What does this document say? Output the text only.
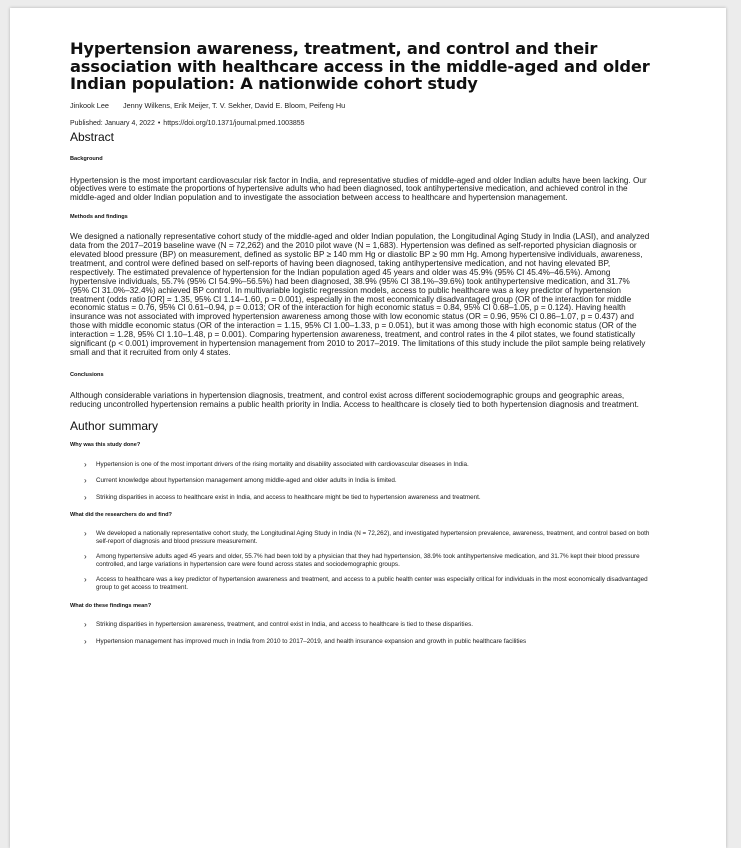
Hypertension awareness, treatment, and control and their association with healthcare access in the middle-aged and older Indian population: A nationwide cohort study
Jinkook Lee Jenny Wilkens, Erik Meijer, T. V. Sekher, David E. Bloom, Peifeng Hu
Published: January 4, 2022 • https://doi.org/10.1371/journal.pmed.1003855
Abstract
Background

Hypertension is the most important cardiovascular risk factor in India, and representative studies of middle-aged and older Indian adults have been lacking. Our objectives were to estimate the proportions of hypertensive adults who had been diagnosed, took antihypertensive medication, and achieved control in the middle-aged and older Indian population and to investigate the association between access to healthcare and hypertension management.

Methods and findings

We designed a nationally representative cohort study of the middle-aged and older Indian population, the Longitudinal Aging Study in India (LASI), and analyzed data from the 2017–2019 baseline wave (N = 72,262) and the 2010 pilot wave (N = 1,683). Hypertension was defined as self-reported physician diagnosis or elevated blood pressure (BP) on measurement, defined as systolic BP ≥ 140 mm Hg or diastolic BP ≥ 90 mm Hg. Among hypertensive individuals, awareness, treatment, and control were defined based on self-reports of having been diagnosed, taking antihypertensive medication, and not having elevated BP, respectively. The estimated prevalence of hypertension for the Indian population aged 45 years and older was 45.9% (95% CI 45.4%–46.5%). Among hypertensive individuals, 55.7% (95% CI 54.9%–56.5%) had been diagnosed, 38.9% (95% CI 38.1%–39.6%) took antihypertensive medication, and 31.7% (95% CI 31.0%–32.4%) achieved BP control. In multivariable logistic regression models, access to public healthcare was a key predictor of hypertension treatment (odds ratio [OR] = 1.35, 95% CI 1.14–1.60, p = 0.001), especially in the most economically disadvantaged group (OR of the interaction for middle economic status = 0.76, 95% CI 0.61–0.94, p = 0.013; OR of the interaction for high economic status = 0.84, 95% CI 0.68–1.05, p = 0.124). Having health insurance was not associated with improved hypertension awareness among those with low economic status (OR = 0.96, 95% CI 0.86–1.07, p = 0.437) and those with middle economic status (OR of the interaction = 1.15, 95% CI 1.00–1.33, p = 0.051), but it was among those with high economic status (OR of the interaction = 1.28, 95% CI 1.10–1.48, p = 0.001). Comparing hypertension awareness, treatment, and control rates in the 4 pilot states, we found statistically significant (p < 0.001) improvement in hypertension management from 2010 to 2017–2019. The limitations of this study include the pilot sample being relatively small and that it recruited from only 4 states.

Conclusions

Although considerable variations in hypertension diagnosis, treatment, and control exist across different sociodemographic groups and geographic areas, reducing uncontrolled hypertension remains a public health priority in India. Access to healthcare is closely tied to both hypertension diagnosis and treatment.

Author summary
Why was this study done?
› Hypertension is one of the most important drivers of the rising mortality and disability associated with cardiovascular diseases in India.
› Current knowledge about hypertension management among middle-aged and older adults in India is limited.
› Striking disparities in access to healthcare exist in India, and access to healthcare might be tied to hypertension awareness and treatment.
What did the researchers do and find?
› We developed a nationally representative cohort study, the Longitudinal Aging Study in India (N = 72,262), and investigated hypertension prevalence, awareness, treatment, and control based on both self-report of diagnosis and blood pressure measurement.
› Among hypertensive adults aged 45 years and older, 55.7% had been told by a physician that they had hypertension, 38.9% took antihypertensive medication, and 31.7% kept their blood pressure controlled, and large variations in hypertension care were found across states and sociodemographic groups.
› Access to healthcare was a key predictor of hypertension awareness and treatment, and access to a public health center was especially critical for individuals in the most economically disadvantaged group to get access to treatment.
What do these findings mean?
› Striking disparities in hypertension awareness, treatment, and control exist in India, and access to healthcare is tied to these disparities.
› Hypertension management has improved much in India from 2010 to 2017–2019, and health insurance expansion and growth in public healthcare facilities
